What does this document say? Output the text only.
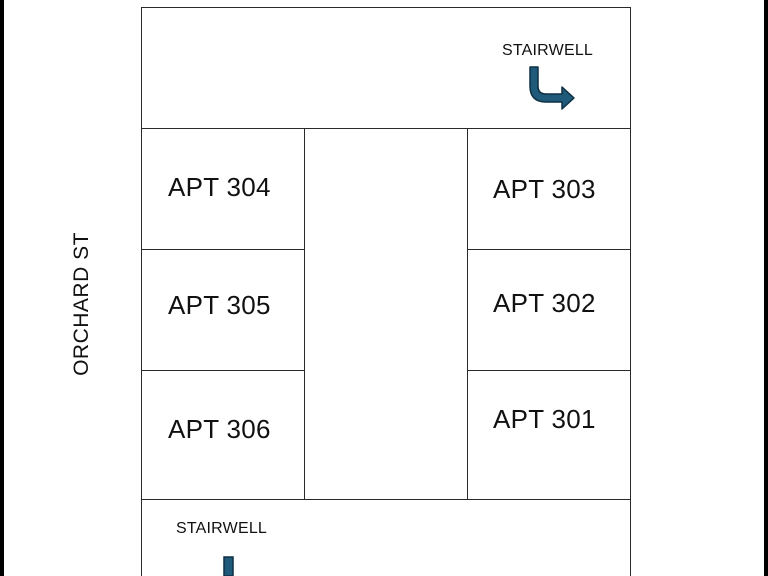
STAIRWELL
APT 304
APT 305
APT 306
APT 303
APT 302
APT 301
STAIRWELL
ORCHARD ST
